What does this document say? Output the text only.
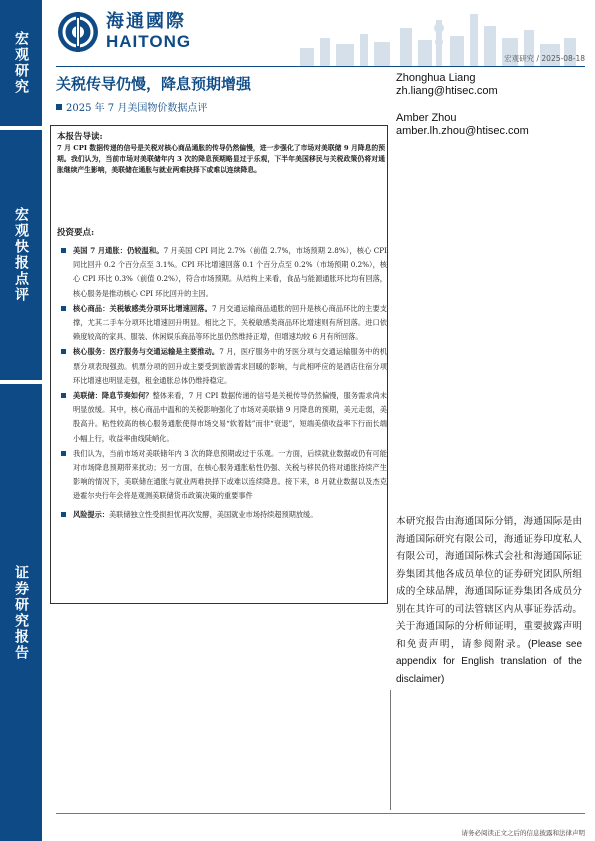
宏观研究
宏观快报点评
证券研究报告
海通國際
HAITONG
宏观研究 / 2025-08-18
关税传导仍慢，降息预期增强
2025 年 7 月美国物价数据点评
Zhonghua Liang
zh.liang@htisec.com
Amber Zhou
amber.lh.zhou@htisec.com
本报告导读:
7 月 CPI 数据传递的信号是关税对核心商品通胀的传导仍然偏慢，进一步强化了市场对美联储 9 月降息的预期。我们认为，当前市场对美联储年内 3 次的降息预期略显过于乐观，下半年美国移民与关税政策仍将对通胀继续产生影响，美联储在通胀与就业两难抉择下或难以连续降息。
投资要点:
美国 7 月通胀：仍较温和。7 月美国 CPI 同比 2.7%（前值 2.7%，市场预期 2.8%），核心 CPI 同比回升 0.2 个百分点至 3.1%。CPI 环比增速回落 0.1 个百分点至 0.2%（市场预期 0.2%），核心 CPI 环比 0.3%（前值 0.2%），符合市场预期。从结构上来看，食品与能源通胀环比均有回落，核心服务是推动核心 CPI 环比回升的主因。
核心商品：关税敏感类分项环比增速回落。7 月交通运输商品通胀的回升是核心商品环比的主要支撑，尤其二手车分项环比增速回升明显。相比之下，关税敏感类商品环比增速则有所回落。进口依赖度较高的家具、服装、休闲娱乐商品等环比虽仍然维持正增，但增速均较 6 月有所回落。
核心服务：医疗服务与交通运输是主要推动。7 月，医疗服务中的牙医分项与交通运输服务中的机票分项表现强劲。机票分项的回升或主要受到旅游需求回暖的影响，与此相呼应的是酒店住宿分项环比增速也明显走强，租金通胀总体仍维持稳定。
美联储：降息节奏如何？整体来看，7 月 CPI 数据传递的信号是关税传导仍然偏慢，服务需求尚未明显放缓。其中，核心商品中温和的关税影响强化了市场对美联储 9 月降息的预期，美元走弱，美股高升。粘性较高的核心服务通胀使得市场交易“软着陆”而非“衰退”，短端美债收益率下行而长端小幅上行，收益率曲线陡峭化。
我们认为，当前市场对美联储年内 3 次的降息预期或过于乐观。一方面，后续就业数据或仍有可能对市场降息预期带来扰动；另一方面，在核心服务通胀粘性仍强、关税与移民仍将对通胀持续产生影响的情况下，美联储在通胀与就业两难抉择下或难以连续降息。接下来，8 月就业数据以及杰克逊霍尔央行年会将是观测美联储货币政策决策的重要事件
风险提示：美联储独立性受损担忧再次发酵，美国就业市场持续超预期放缓。
本研究报告由海通国际分销，海通国际是由海通国际研究有限公司，海通证券印度私人有限公司，海通国际株式会社和海通国际证券集团其他各成员单位的证券研究团队所组成的全球品牌，海通国际证券集团各成员分别在其许可的司法管辖区内从事证券活动。关于海通国际的分析师证明，重要披露声明和免责声明，请参阅附录。(Please see appendix for English translation of the disclaimer)
请务必阅读正文之后的信息披露和法律声明
